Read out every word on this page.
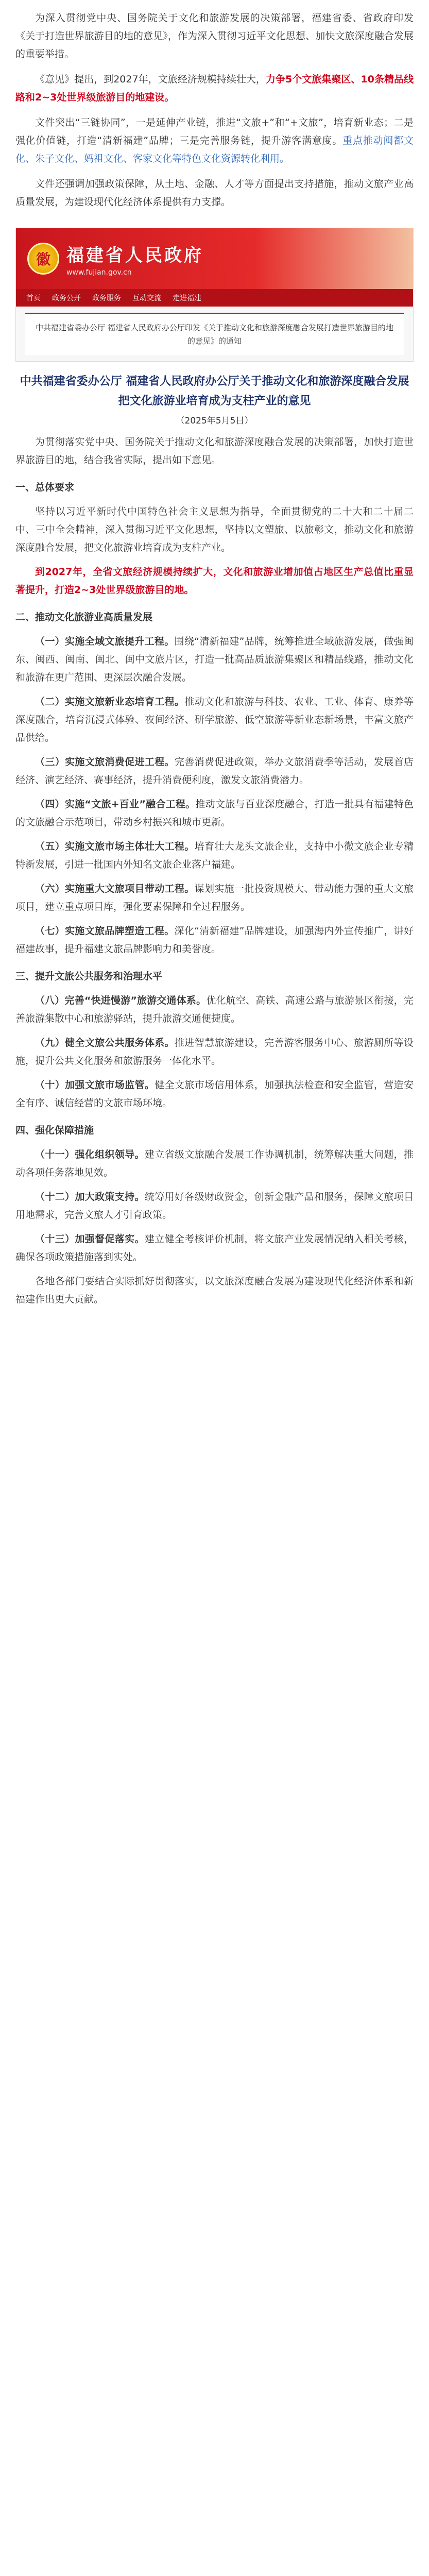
为深入贯彻党中央、国务院关于文化和旅游发展的决策部署，福建省委、省政府印发《关于打造世界旅游目的地的意见》，作为深入贯彻习近平文化思想、加快文旅深度融合发展的重要举措。

《意见》提出，到2027年，文旅经济规模持续壮大，力争5个文旅集聚区、10条精品线路和2~3处世界级旅游目的地建设。

文件突出“三链协同”，一是延伸产业链，推进“文旅+”和“+文旅”，培育新业态；二是强化价值链，打造“清新福建”品牌；三是完善服务链，提升游客满意度。重点推动闽都文化、朱子文化、妈祖文化、客家文化等特色文化资源转化利用。

文件还强调加强政策保障，从土地、金融、人才等方面提出支持措施，推动文旅产业高质量发展，为建设现代化经济体系提供有力支撑。

徽 福建省人民政府
www.fujian.gov.cn
首页 政务公开 政务服务 互动交流 走进福建
中共福建省委办公厅 福建省人民政府办公厅印发《关于推动文化和旅游深度融合发展打造世界旅游目的地的意见》的通知
中共福建省委办公厅 福建省人民政府办公厅关于推动文化和旅游深度融合发展 把文化旅游业培育成为支柱产业的意见
（2025年5月5日）

为贯彻落实党中央、国务院关于推动文化和旅游深度融合发展的决策部署，加快打造世界旅游目的地，结合我省实际，提出如下意见。

一、总体要求

坚持以习近平新时代中国特色社会主义思想为指导，全面贯彻党的二十大和二十届二中、三中全会精神，深入贯彻习近平文化思想，坚持以文塑旅、以旅彰文，推动文化和旅游深度融合发展，把文化旅游业培育成为支柱产业。

到2027年，全省文旅经济规模持续扩大，文化和旅游业增加值占地区生产总值比重显著提升，打造2~3处世界级旅游目的地。

二、推动文化旅游业高质量发展

（一）实施全域文旅提升工程。围绕“清新福建”品牌，统筹推进全域旅游发展，做强闽东、闽西、闽南、闽北、闽中文旅片区，打造一批高品质旅游集聚区和精品线路，推动文化和旅游在更广范围、更深层次融合发展。

（二）实施文旅新业态培育工程。推动文化和旅游与科技、农业、工业、体育、康养等深度融合，培育沉浸式体验、夜间经济、研学旅游、低空旅游等新业态新场景，丰富文旅产品供给。

（三）实施文旅消费促进工程。完善消费促进政策，举办文旅消费季等活动，发展首店经济、演艺经济、赛事经济，提升消费便利度，激发文旅消费潜力。

（四）实施“文旅+百业”融合工程。推动文旅与百业深度融合，打造一批具有福建特色的文旅融合示范项目，带动乡村振兴和城市更新。

（五）实施文旅市场主体壮大工程。培育壮大龙头文旅企业，支持中小微文旅企业专精特新发展，引进一批国内外知名文旅企业落户福建。

（六）实施重大文旅项目带动工程。谋划实施一批投资规模大、带动能力强的重大文旅项目，建立重点项目库，强化要素保障和全过程服务。

（七）实施文旅品牌塑造工程。深化“清新福建”品牌建设，加强海内外宣传推广，讲好福建故事，提升福建文旅品牌影响力和美誉度。

三、提升文旅公共服务和治理水平

（八）完善“快进慢游”旅游交通体系。优化航空、高铁、高速公路与旅游景区衔接，完善旅游集散中心和旅游驿站，提升旅游交通便捷度。

（九）健全文旅公共服务体系。推进智慧旅游建设，完善游客服务中心、旅游厕所等设施，提升公共文化服务和旅游服务一体化水平。

（十）加强文旅市场监管。健全文旅市场信用体系，加强执法检查和安全监管，营造安全有序、诚信经营的文旅市场环境。

四、强化保障措施

（十一）强化组织领导。建立省级文旅融合发展工作协调机制，统筹解决重大问题，推动各项任务落地见效。

（十二）加大政策支持。统筹用好各级财政资金，创新金融产品和服务，保障文旅项目用地需求，完善文旅人才引育政策。

（十三）加强督促落实。建立健全考核评价机制，将文旅产业发展情况纳入相关考核，确保各项政策措施落到实处。

各地各部门要结合实际抓好贯彻落实，以文旅深度融合发展为建设现代化经济体系和新福建作出更大贡献。
